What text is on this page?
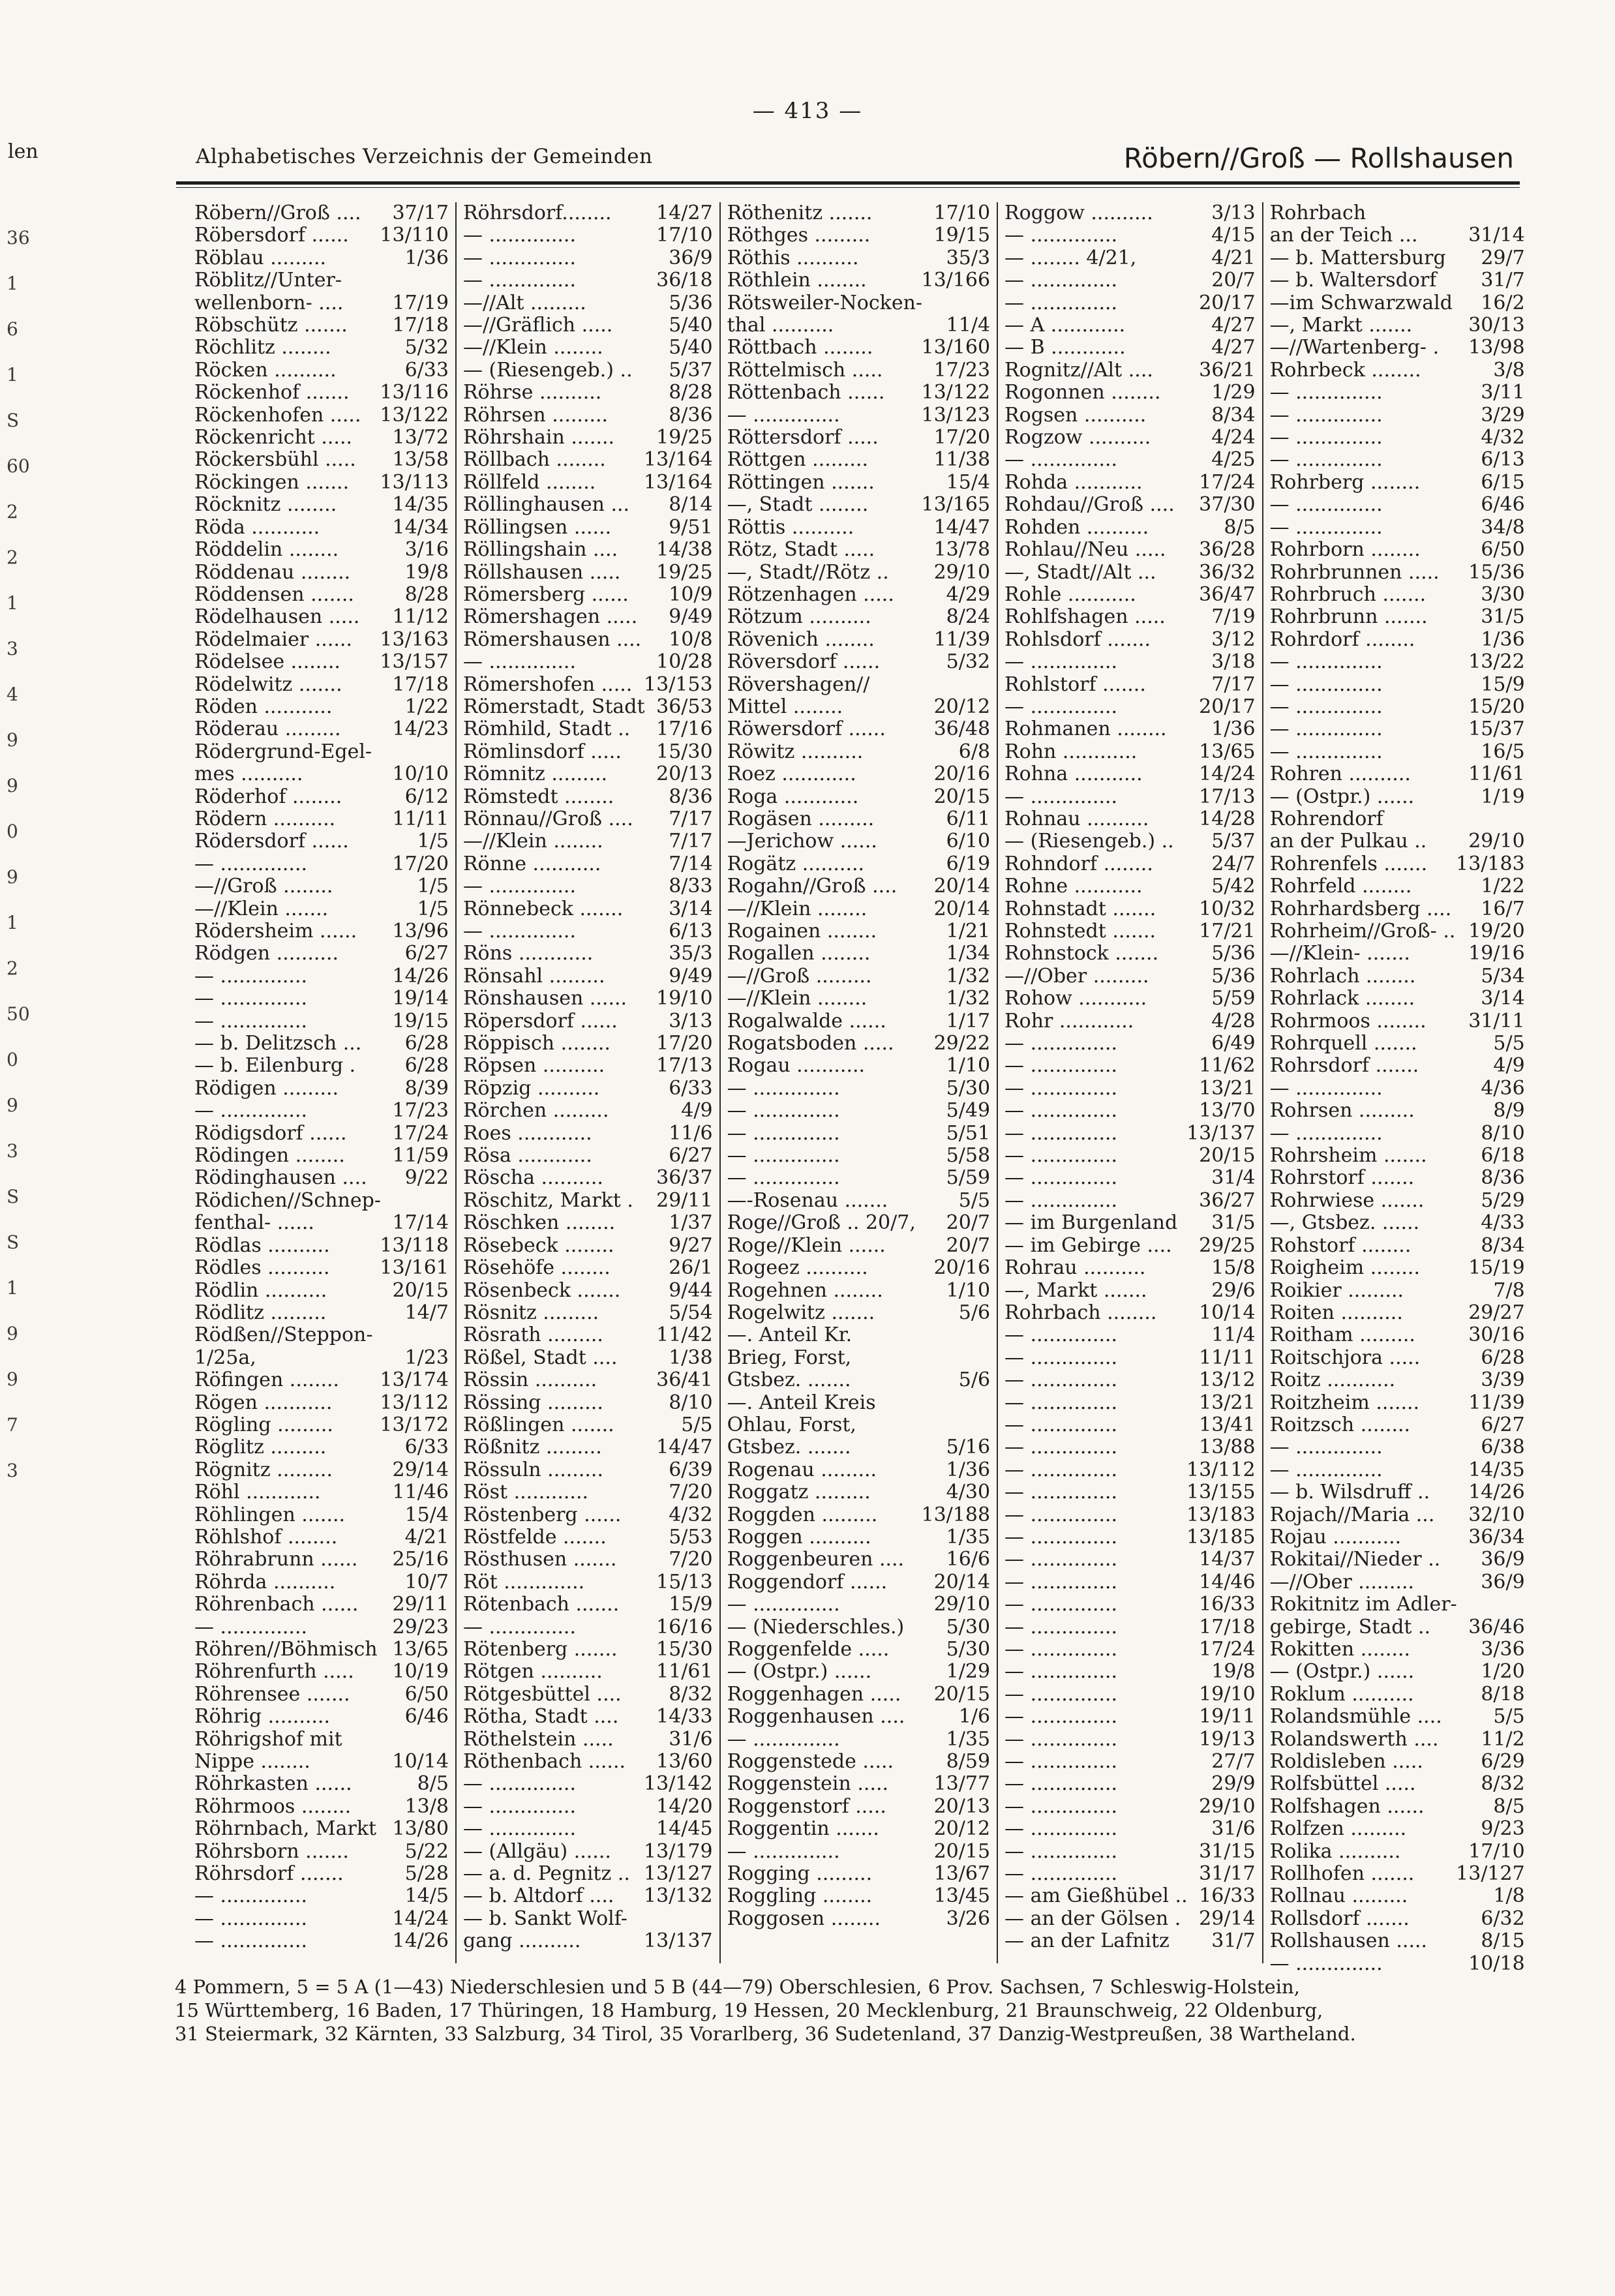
— 413 —
len	Alphabetisches Verzeichnis der Gemeinden	Röbern//Groß — Rollshausen
36
1
6
1
S
60
2
2
1
3
4
9
9
0
9
1
2
50
0
9
3
S
S
1
9
9
7
3
Röbern//Groß ....	37/17
Röbersdorf ......	13/110
Röblau .........	1/36
Röblitz//Unter-
wellenborn- ....	17/19
Röbschütz .......	17/18
Röchlitz ........	5/32
Röcken ..........	6/33
Röckenhof .......	13/116
Röckenhofen ..... 13/122
Röckenricht .....	13/72
Röckersbühl .....	13/58
Röckingen .......	13/113
Röcknitz ........	14/35
Röda ...........	14/34
Röddelin ........	3/16
Röddenau ........	19/8
Röddensen .......	8/28
Rödelhausen .....	11/12
Rödelmaier ......	13/163
Rödelsee ........	13/157
Rödelwitz .......	17/18
Röden ...........	1/22
Röderau .........	14/23
Rödergrund-Egel-
mes ..........	10/10
Röderhof ........	6/12
Rödern ..........	11/11
Rödersdorf ......	1/5
— ..............	17/20
—//Groß ........	1/5
—//Klein .......	1/5
Rödersheim ......	13/96
Rödgen ..........	6/27
— ..............	14/26
— ..............	19/14
— ..............	19/15
— b. Delitzsch ...	6/28
— b. Eilenburg .	6/28
Rödigen .........	8/39
— ..............	17/23
Rödigsdorf ......	17/24
Rödingen ........	11/59
Rödinghausen ....	9/22
Rödichen//Schnep-
fenthal- ......	17/14
Rödlas ..........	13/118
Rödles ..........	13/161
Rödlin ..........	20/15
Rödlitz .........	14/7
Rödßen//Steppon-
1/25a,	1/23
Röfingen ........	13/174
Rögen ...........	13/112
Rögling .........	13/172
Röglitz .........	6/33
Rögnitz .........	29/14
Röhl ............	11/46
Röhlingen .......	15/4
Röhlshof ........	4/21
Röhrabrunn ......	25/16
Röhrda ..........	10/7
Röhrenbach ......	29/11
— ..............	29/23
Röhren//Böhmisch 13/65
Röhrenfurth .....	10/19
Röhrensee .......	6/50
Röhrig ..........	6/46
Röhrigshof mit
Nippe ........	10/14
Röhrkasten ......	8/5
Röhrmoos ........	13/8
Röhrnbach, Markt 13/80
Röhrsborn .......	5/22
Röhrsdorf .......	5/28
— ..............	14/5
— ..............	14/24
— ..............	14/26
Röhrsdorf........	14/27
— ..............	17/10
— ..............	36/9
— ..............	36/18
—//Alt .........	5/36
—//Gräflich .....	5/40
—//Klein ........	5/40
— (Riesengeb.) ..	5/37
Röhrse ..........	8/28
Röhrsen .........	8/36
Röhrshain .......	19/25
Röllbach ........	13/164
Röllfeld ........	13/164
Röllinghausen ...	8/14
Röllingsen ......	9/51
Röllingshain ....	14/38
Röllshausen .....	19/25
Römersberg ......	10/9
Römershagen .....	9/49
Römershausen ....	10/8
— ..............	10/28
Römershofen ..... 13/153
Römerstadt, Stadt 36/53
Römhild, Stadt ..	17/16
Römlinsdorf .....	15/30
Römnitz .........	20/13
Römstedt ........	8/36
Rönnau//Groß ....	7/17
—//Klein ........	7/17
Rönne ...........	7/14
— ..............	8/33
Rönnebeck .......	3/14
— ..............	6/13
Röns ............	35/3
Rönsahl .........	9/49
Rönshausen ......	19/10
Röpersdorf ......	3/13
Röppisch ........	17/20
Röpsen ..........	17/13
Röpzig ..........	6/33
Rörchen .........	4/9
Roes ............	11/6
Rösa ............	6/27
Röscha ..........	36/37
Röschitz, Markt .	29/11
Röschken ........	1/37
Rösebeck ........	9/27
Rösehöfe ........	26/1
Rösenbeck .......	9/44
Rösnitz .........	5/54
Rösrath .........	11/42
Rößel, Stadt ....	1/38
Rössin ..........	36/41
Rössing .........	8/10
Rößlingen .......	5/5
Rößnitz .........	14/47
Rössuln .........	6/39
Röst ............	7/20
Röstenberg ......	4/32
Röstfelde .......	5/53
Rösthusen .......	7/20
Röt .............	15/13
Rötenbach .......	15/9
— ..............	16/16
Rötenberg .......	15/30
Rötgen ..........	11/61
Rötgesbüttel ....	8/32
Rötha, Stadt ....	14/33
Röthelstein .....	31/6
Röthenbach ......	13/60
— ..............	13/142
— ..............	14/20
— ..............	14/45
— (Allgäu) ......	13/179
— a. d. Pegnitz .. 13/127
— b. Altdorf ....	13/132
— b. Sankt Wolf-
gang ..........	13/137
Röthenitz .......	17/10
Röthges .........	19/15
Röthis ..........	35/3
Röthlein ........	13/166
Rötsweiler-Nocken-
thal ..........	11/4
Röttbach ........	13/160
Röttelmisch .....	17/23
Röttenbach ......	13/122
— ..............	13/123
Röttersdorf .....	17/20
Röttgen .........	11/38
Röttingen .......	15/4
—, Stadt ........	13/165
Röttis ..........	14/47
Rötz, Stadt .....	13/78
—, Stadt//Rötz ..	29/10
Rötzenhagen .....	4/29
Rötzum ..........	8/24
Rövenich ........	11/39
Röversdorf ......	5/32
Rövershagen//
Mittel ........	20/12
Röwersdorf ......	36/48
Röwitz ..........	6/8
Roez ............	20/16
Roga ............	20/15
Rogäsen .........	6/11
—Jerichow ......	6/10
Rogätz ..........	6/19
Rogahn//Groß ....	20/14
—//Klein ........	20/14
Rogainen ........	1/21
Rogallen ........	1/34
—//Groß .........	1/32
—//Klein ........	1/32
Rogalwalde ......	1/17
Rogatsboden .....	29/22
Rogau ...........	1/10
— ..............	5/30
— ..............	5/49
— ..............	5/51
— ..............	5/58
— ..............	5/59
—-Rosenau .......	5/5
Roge//Groß .. 20/7,	20/7
Roge//Klein ......	20/7
Rogeez ..........	20/16
Rogehnen ........	1/10
Rogelwitz .......	5/6
—. Anteil Kr.
Brieg, Forst,
Gtsbez. .......	5/6
—. Anteil Kreis
Ohlau, Forst,
Gtsbez. .......	5/16
Rogenau .........	1/36
Roggatz .........	4/30
Roggden .........	13/188
Roggen ..........	1/35
Roggenbeuren ....	16/6
Roggendorf ......	20/14
— ..............	29/10
— (Niederschles.)	5/30
Roggenfelde .....	5/30
— (Ostpr.) ......	1/29
Roggenhagen .....	20/15
Roggenhausen ....	1/6
— ..............	1/35
Roggenstede .....	8/59
Roggenstein .....	13/77
Roggenstorf .....	20/13
Roggentin .......	20/12
— ..............	20/15
Rogging .........	13/67
Roggling ........	13/45
Roggosen ........	3/26
Roggow ..........	3/13
— ..............	4/15
— ........ 4/21,	4/21
— ..............	20/7
— ..............	20/17
— A ............	4/27
— B ............	4/27
Rognitz//Alt ....	36/21
Rogonnen ........	1/29
Rogsen ..........	8/34
Rogzow ..........	4/24
— ..............	4/25
Rohda ...........	17/24
Rohdau//Groß ....	37/30
Rohden ..........	8/5
Rohlau//Neu .....	36/28
—, Stadt//Alt ...	36/32
Rohle ...........	36/47
Rohlfshagen .....	7/19
Rohlsdorf .......	3/12
— ..............	3/18
Rohlstorf .......	7/17
— ..............	20/17
Rohmanen ........	1/36
Rohn ............	13/65
Rohna ...........	14/24
— ..............	17/13
Rohnau ..........	14/28
— (Riesengeb.) ..	5/37
Rohndorf ........	24/7
Rohne ...........	5/42
Rohnstadt .......	10/32
Rohnstedt .......	17/21
Rohnstock .......	5/36
—//Ober .........	5/36
Rohow ...........	5/59
Rohr ............	4/28
— ..............	6/49
— ..............	11/62
— ..............	13/21
— ..............	13/70
— ..............	13/137
— ..............	20/15
— ..............	31/4
— ..............	36/27
— im Burgenland	31/5
— im Gebirge ....	29/25
Rohrau ..........	15/8
—, Markt .......	29/6
Rohrbach ........	10/14
— ..............	11/4
— ..............	11/11
— ..............	13/12
— ..............	13/21
— ..............	13/41
— ..............	13/88
— ..............	13/112
— ..............	13/155
— ..............	13/183
— ..............	13/185
— ..............	14/37
— ..............	14/46
— ..............	16/33
— ..............	17/18
— ..............	17/24
— ..............	19/8
— ..............	19/10
— ..............	19/11
— ..............	19/13
— ..............	27/7
— ..............	29/9
— ..............	29/10
— ..............	31/6
— ..............	31/15
— ..............	31/17
— am Gießhübel .. 16/33
— an der Gölsen . 29/14
— an der Lafnitz	31/7
Rohrbach
an der Teich ...	31/14
— b. Mattersburg	29/7
— b. Waltersdorf	31/7
—im Schwarzwald	16/2
—, Markt .......	30/13
—//Wartenberg- .	13/98
Rohrbeck ........	3/8
— ..............	3/11
— ..............	3/29
— ..............	4/32
— ..............	6/13
Rohrberg ........	6/15
— ..............	6/46
— ..............	34/8
Rohrborn ........	6/50
Rohrbrunnen .....	15/36
Rohrbruch .......	3/30
Rohrbrunn .......	31/5
Rohrdorf ........	1/36
— ..............	13/22
— ..............	15/9
— ..............	15/20
— ..............	15/37
— ..............	16/5
Rohren ..........	11/61
— (Ostpr.) ......	1/19
Rohrendorf
an der Pulkau ..	29/10
Rohrenfels .......	13/183
Rohrfeld ........	1/22
Rohrhardsberg ....	16/7
Rohrheim//Groß- .. 19/20
—//Klein- .......	19/16
Rohrlach ........	5/34
Rohrlack ........	3/14
Rohrmoos ........	31/11
Rohrquell .......	5/5
Rohrsdorf .......	4/9
— ..............	4/36
Rohrsen .........	8/9
— ..............	8/10
Rohrsheim .......	6/18
Rohrstorf .......	8/36
Rohrwiese .......	5/29
—, Gtsbez. ......	4/33
Rohstorf ........	8/34
Roigheim ........	15/19
Roikier .........	7/8
Roiten ..........	29/27
Roitham .........	30/16
Roitschjora .....	6/28
Roitz ...........	3/39
Roitzheim .......	11/39
Roitzsch ........	6/27
— ..............	6/38
— ..............	14/35
— b. Wilsdruff ..	14/26
Rojach//Maria ...	32/10
Rojau ...........	36/34
Rokitai//Nieder ..	36/9
—//Ober .........	36/9
Rokitnitz im Adler-
gebirge, Stadt ..	36/46
Rokitten ........	3/36
— (Ostpr.) ......	1/20
Roklum ..........	8/18
Rolandsmühle ....	5/5
Rolandswerth ....	11/2
Roldisleben .....	6/29
Rolfsbüttel .....	8/32
Rolfshagen ......	8/5
Rolfzen .........	9/23
Rolika ..........	17/10
Rollhofen .......	13/127
Rollnau .........	1/8
Rollsdorf .......	6/32
Rollshausen .....	8/15
— ..............	10/18

4 Pommern, 5 = 5 A (1—43) Niederschlesien und 5 B (44—79) Oberschlesien, 6 Prov. Sachsen, 7 Schleswig-Holstein,

15 Württemberg, 16 Baden, 17 Thüringen, 18 Hamburg, 19 Hessen, 20 Mecklenburg, 21 Braunschweig, 22 Oldenburg,

31 Steiermark, 32 Kärnten, 33 Salzburg, 34 Tirol, 35 Vorarlberg, 36 Sudetenland, 37 Danzig-Westpreußen, 38 Wartheland.
